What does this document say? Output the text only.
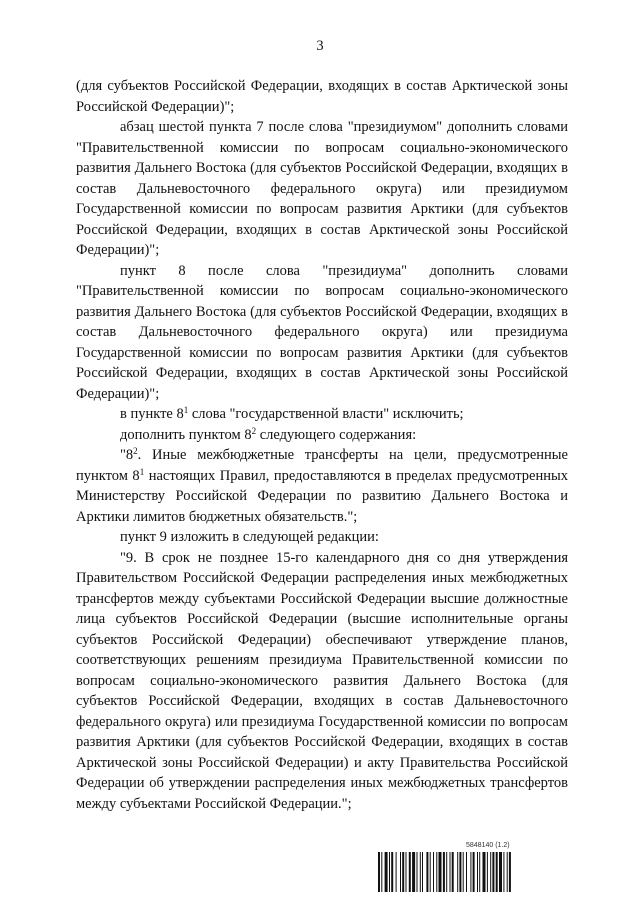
3

(для субъектов Российской Федерации, входящих в состав Арктической зоны Российской Федерации)";

абзац шестой пункта 7 после слова "президиумом" дополнить словами "Правительственной комиссии по вопросам социально-экономического развития Дальнего Востока (для субъектов Российской Федерации, входящих в состав Дальневосточного федерального округа) или президиумом Государственной комиссии по вопросам развития Арктики (для субъектов Российской Федерации, входящих в состав Арктической зоны Российской Федерации)";

пункт 8 после слова "президиума" дополнить словами "Правительственной комиссии по вопросам социально-экономического развития Дальнего Востока (для субъектов Российской Федерации, входящих в состав Дальневосточного федерального округа) или президиума Государственной комиссии по вопросам развития Арктики (для субъектов Российской Федерации, входящих в состав Арктической зоны Российской Федерации)";

в пункте $8^1$ слова "государственной власти" исключить;

дополнить пунктом $8^2$ следующего содержания:

"$8^2$. Иные межбюджетные трансферты на цели, предусмотренные пунктом $8^1$ настоящих Правил, предоставляются в пределах предусмотренных Министерству Российской Федерации по развитию Дальнего Востока и Арктики лимитов бюджетных обязательств.";

пункт 9 изложить в следующей редакции:

"9. В срок не позднее 15-го календарного дня со дня утверждения Правительством Российской Федерации распределения иных межбюджетных трансфертов между субъектами Российской Федерации высшие должностные лица субъектов Российской Федерации (высшие исполнительные органы субъектов Российской Федерации) обеспечивают утверждение планов, соответствующих решениям президиума Правительственной комиссии по вопросам социально-экономического развития Дальнего Востока (для субъектов Российской Федерации, входящих в состав Дальневосточного федерального округа) или президиума Государственной комиссии по вопросам развития Арктики (для субъектов Российской Федерации, входящих в состав Арктической зоны Российской Федерации) и акту Правительства Российской Федерации об утверждении распределения иных межбюджетных трансфертов между субъектами Российской Федерации.";

5848140 (1.2)
